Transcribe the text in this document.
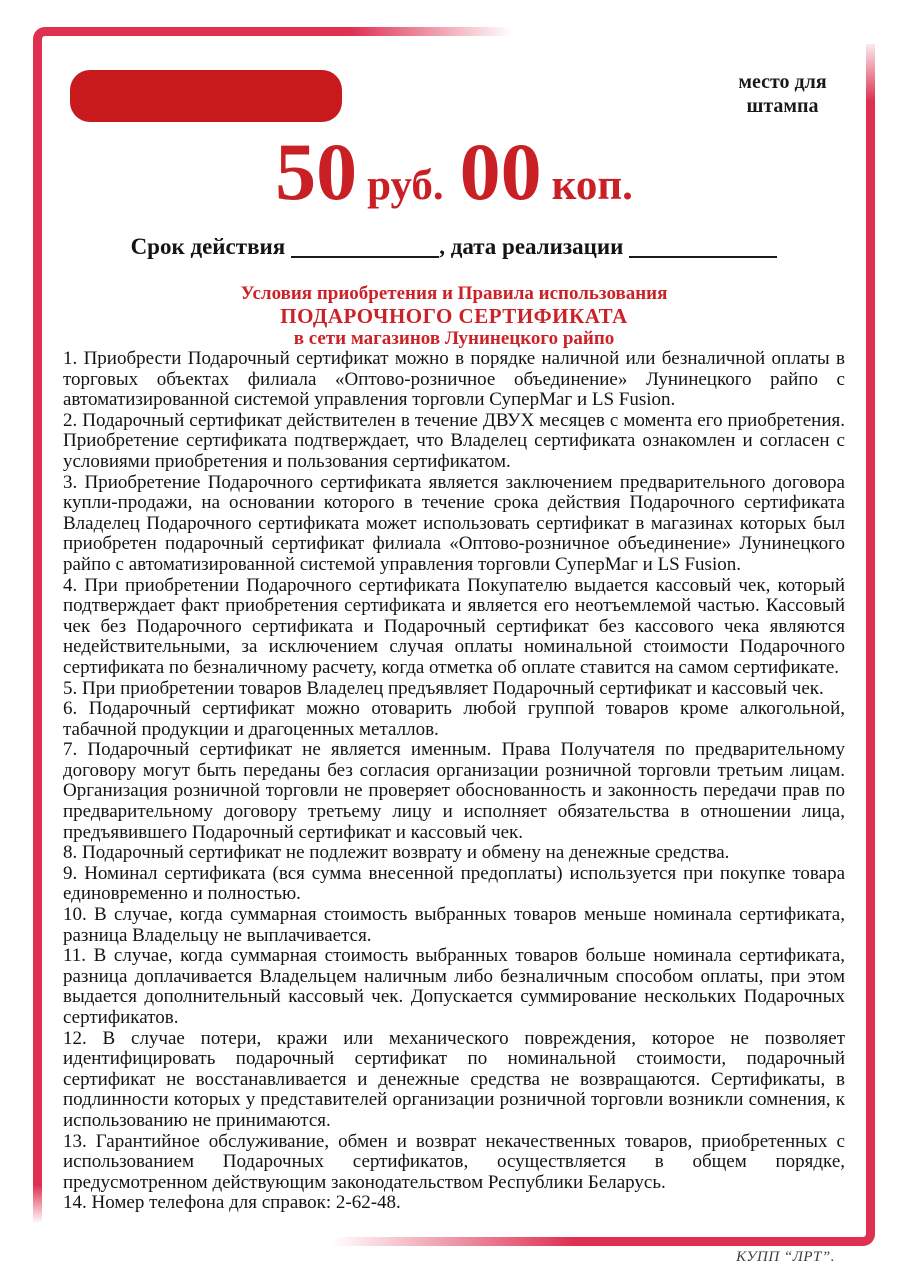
место для штампа
50 руб. 00 коп.
Срок действия	, дата реализации
Условия приобретения и Правила использования
ПОДАРОЧНОГО СЕРТИФИКАТА
в сети магазинов Лунинецкого райпо

1. Приобрести Подарочный сертификат можно в порядке наличной или безналичной оплаты в торговых объектах филиала «Оптово-розничное объединение» Лунинецкого райпо с автоматизированной системой управления торговли СуперМаг и LS Fusion.

2. Подарочный сертификат действителен в течение ДВУХ месяцев с момента его приобретения. Приобретение сертификата подтверждает, что Владелец сертификата ознакомлен и согласен с условиями приобретения и пользования сертификатом.

3. Приобретение Подарочного сертификата является заключением предварительного договора купли-продажи, на основании которого в течение срока действия Подарочного сертификата Владелец Подарочного сертификата может использовать сертификат в магазинах которых был приобретен подарочный сертификат филиала «Оптово-розничное объединение» Лунинецкого райпо с автоматизированной системой управления торговли СуперМаг и LS Fusion.

4. При приобретении Подарочного сертификата Покупателю выдается кассовый чек, который подтверждает факт приобретения сертификата и является его неотъемлемой частью. Кассовый чек без Подарочного сертификата и Подарочный сертификат без кассового чека являются недействительными, за исключением случая оплаты номинальной стоимости Подарочного сертификата по безналичному расчету, когда отметка об оплате ставится на самом сертификате.

5. При приобретении товаров Владелец предъявляет Подарочный сертификат и кассовый чек.

6. Подарочный сертификат можно отоварить любой группой товаров кроме алкогольной, табачной продукции и драгоценных металлов.

7. Подарочный сертификат не является именным. Права Получателя по предварительному договору могут быть переданы без согласия организации розничной торговли третьим лицам. Организация розничной торговли не проверяет обоснованность и законность передачи прав по предварительному договору третьему лицу и исполняет обязательства в отношении лица, предъявившего Подарочный сертификат и кассовый чек.

8. Подарочный сертификат не подлежит возврату и обмену на денежные средства.

9. Номинал сертификата (вся сумма внесенной предоплаты) используется при покупке товара единовременно и полностью.

10. В случае, когда суммарная стоимость выбранных товаров меньше номинала сертификата, разница Владельцу не выплачивается.

11. В случае, когда суммарная стоимость выбранных товаров больше номинала сертификата, разница доплачивается Владельцем наличным либо безналичным способом оплаты, при этом выдается дополнительный кассовый чек. Допускается суммирование нескольких Подарочных сертификатов.

12. В случае потери, кражи или механического повреждения, которое не позволяет идентифицировать подарочный сертификат по номинальной стоимости, подарочный сертификат не восстанавливается и денежные средства не возвращаются. Сертификаты, в подлинности которых у представителей организации розничной торговли возникли сомнения, к использованию не принимаются.

13. Гарантийное обслуживание, обмен и возврат некачественных товаров, приобретенных с использованием Подарочных сертификатов, осуществляется в общем порядке, предусмотренном действующим законодательством Республики Беларусь.

14. Номер телефона для справок: 2-62-48.

КУПП “ЛРТ”.
